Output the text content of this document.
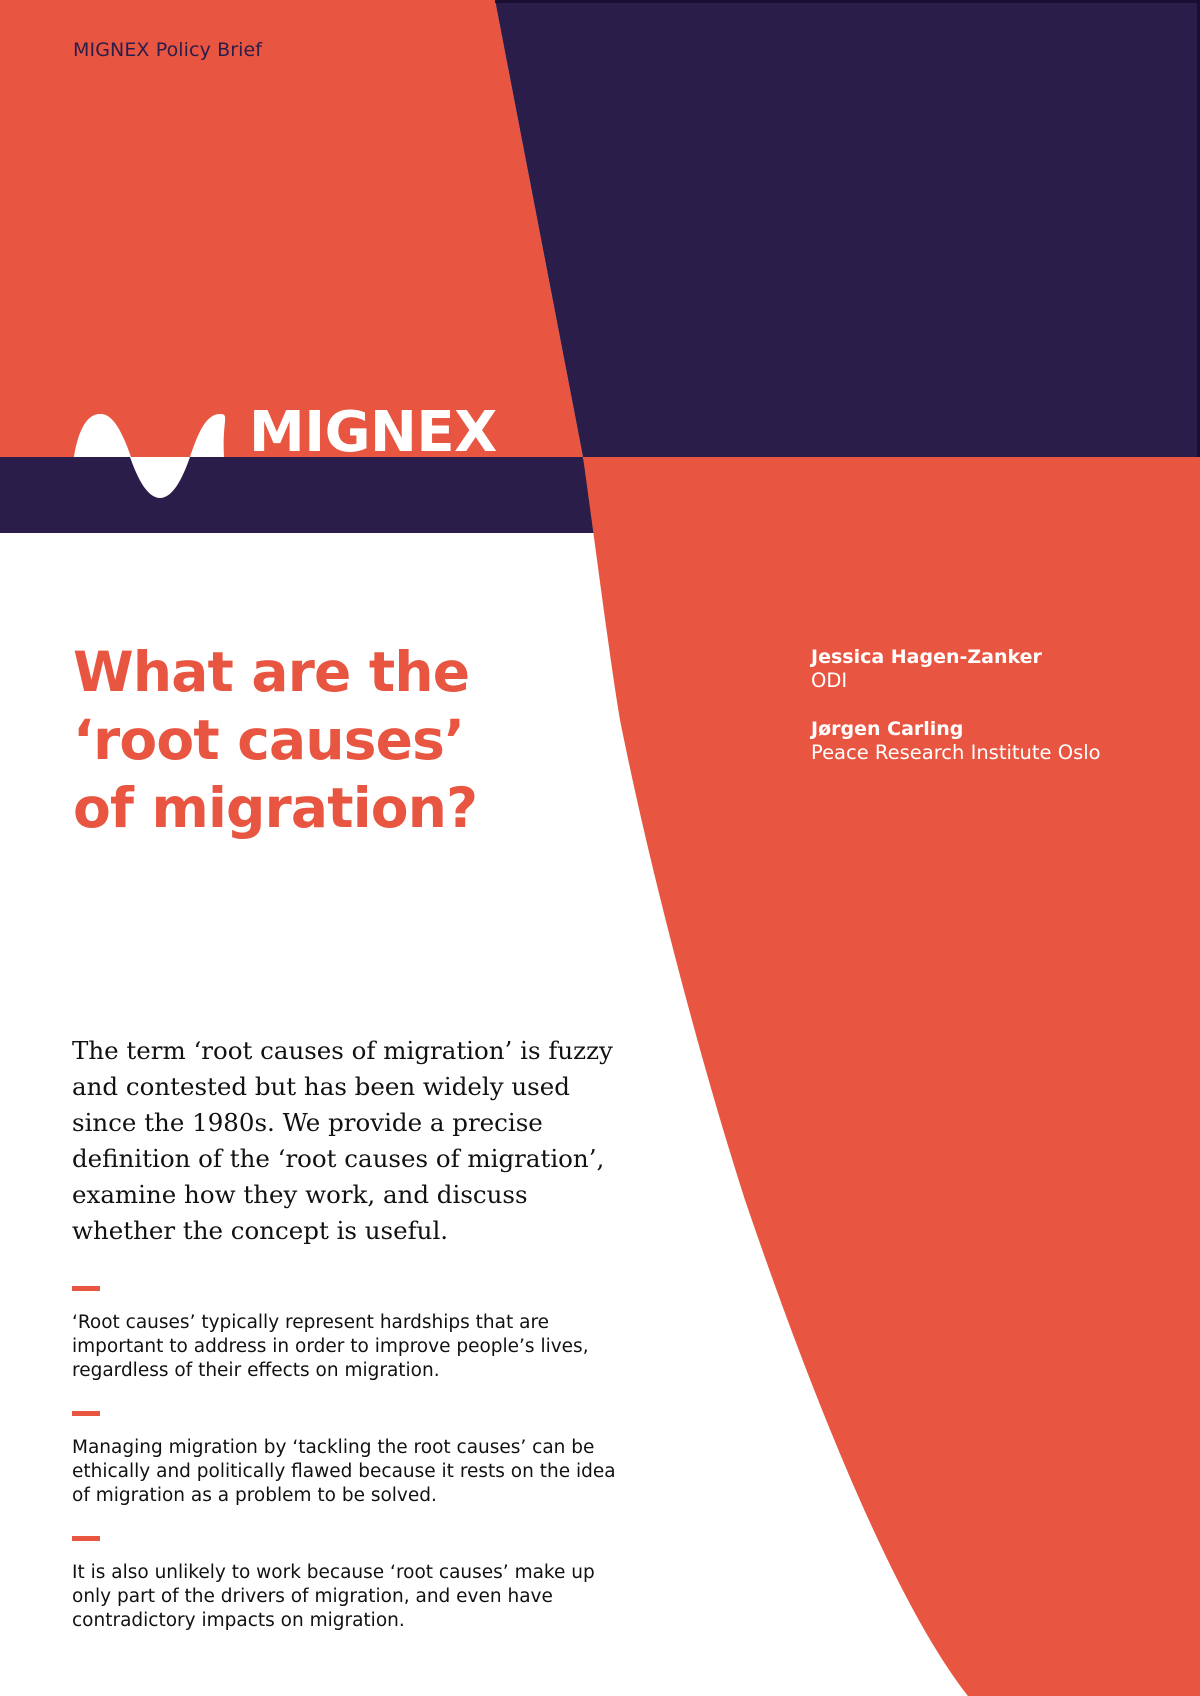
MIGNEX Policy Brief
MIGNEX
What are the
‘root causes’
of migration?
Jessica Hagen-Zanker
ODI
Jørgen Carling
Peace Research Institute Oslo

The term ‘root causes of migration’ is fuzzy and contested but has been widely used since the 1980s. We provide a precise definition of the ‘root causes of migration’, examine how they work, and discuss whether the concept is useful.

‘Root causes’ typically represent hardships that are important to address in order to improve people’s lives, regardless of their effects on migration.
Managing migration by ‘tackling the root causes’ can be ethically and politically flawed because it rests on the idea of migration as a problem to be solved.
It is also unlikely to work because ‘root causes’ make up only part of the drivers of migration, and even have contradictory impacts on migration.
